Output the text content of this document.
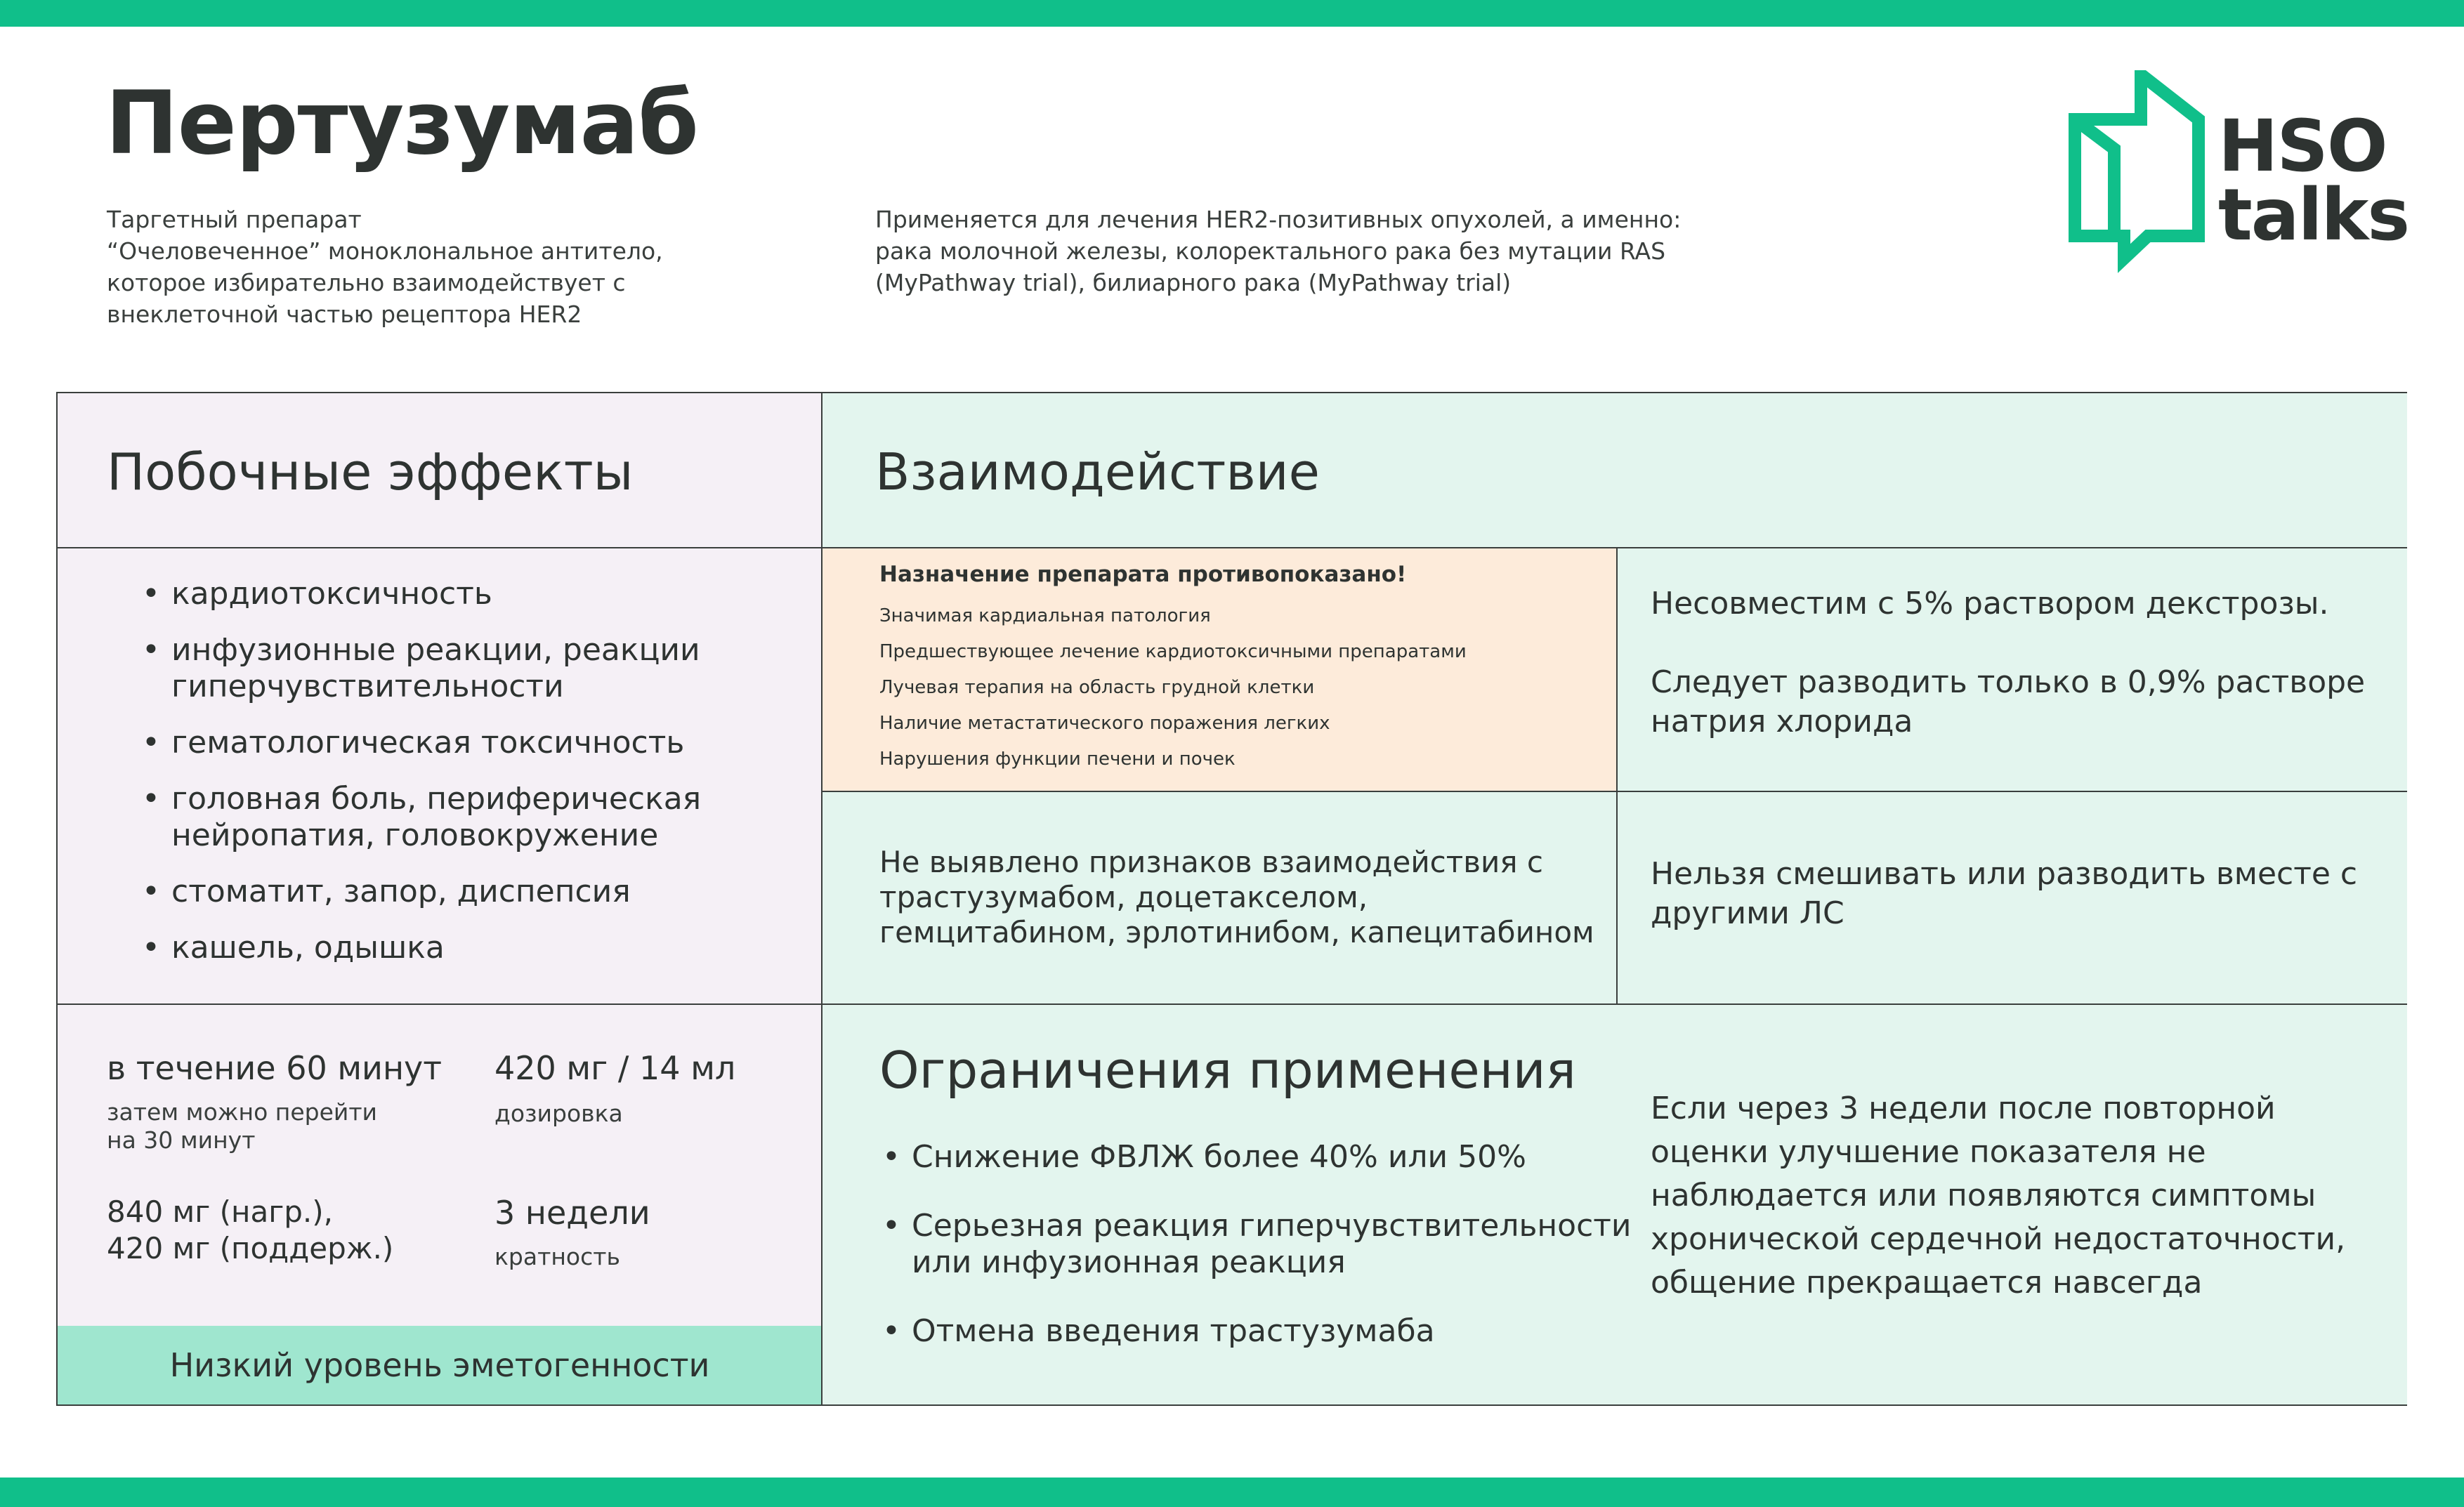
Пертузумаб

Таргетный препарат
“Очеловеченное” моноклональное антитело,
которое избирательно взаимодействует с
внеклеточной частью рецептора HER2

Применяется для лечения HER2-позитивных опухолей, а именно:
рака молочной железы, колоректального рака без мутации RAS
(MyPathway trial), билиарного рака (MyPathway trial)

HSO
talks
Побочные эффекты	Взаимодействие
• кардиотоксичность
• инфузионные реакции, реакции
гиперчувствительности
• гематологическая токсичность
• головная боль, периферическая
нейропатия, головокружение
• стоматит, запор, диспепсия
• кашель, одышка
Назначение препарата противопоказано!
Значимая кардиальная патология
Предшествующее лечение кардиотоксичными препаратами
Лучевая терапия на область грудной клетки
Наличие метастатического поражения легких
Нарушения функции печени и почек
Несовместим с 5% раствором декстрозы.
Следует разводить только в 0,9% растворе натрия хлорида
Не выявлено признаков взаимодействия с трастузумабом, доцетакселом, гемцитабином, эрлотинибом, капецитабином
Нельзя смешивать или разводить вместе с другими ЛС
в течение 60 минут
затем можно перейти
на 30 минут
420 мг / 14 мл
дозировка
840 мг (нагр.),
420 мг (поддерж.)
3 недели
кратность
Низкий уровень эметогенности
Ограничения применения
• Снижение ФВЛЖ более 40% или 50%
• Серьезная реакция гиперчувствительности
или инфузионная реакция
• Отмена введения трастузумаба
Если через 3 недели после повторной оценки улучшение показателя не наблюдается или появляются симптомы хронической сердечной недостаточности, общение прекращается навсегда
